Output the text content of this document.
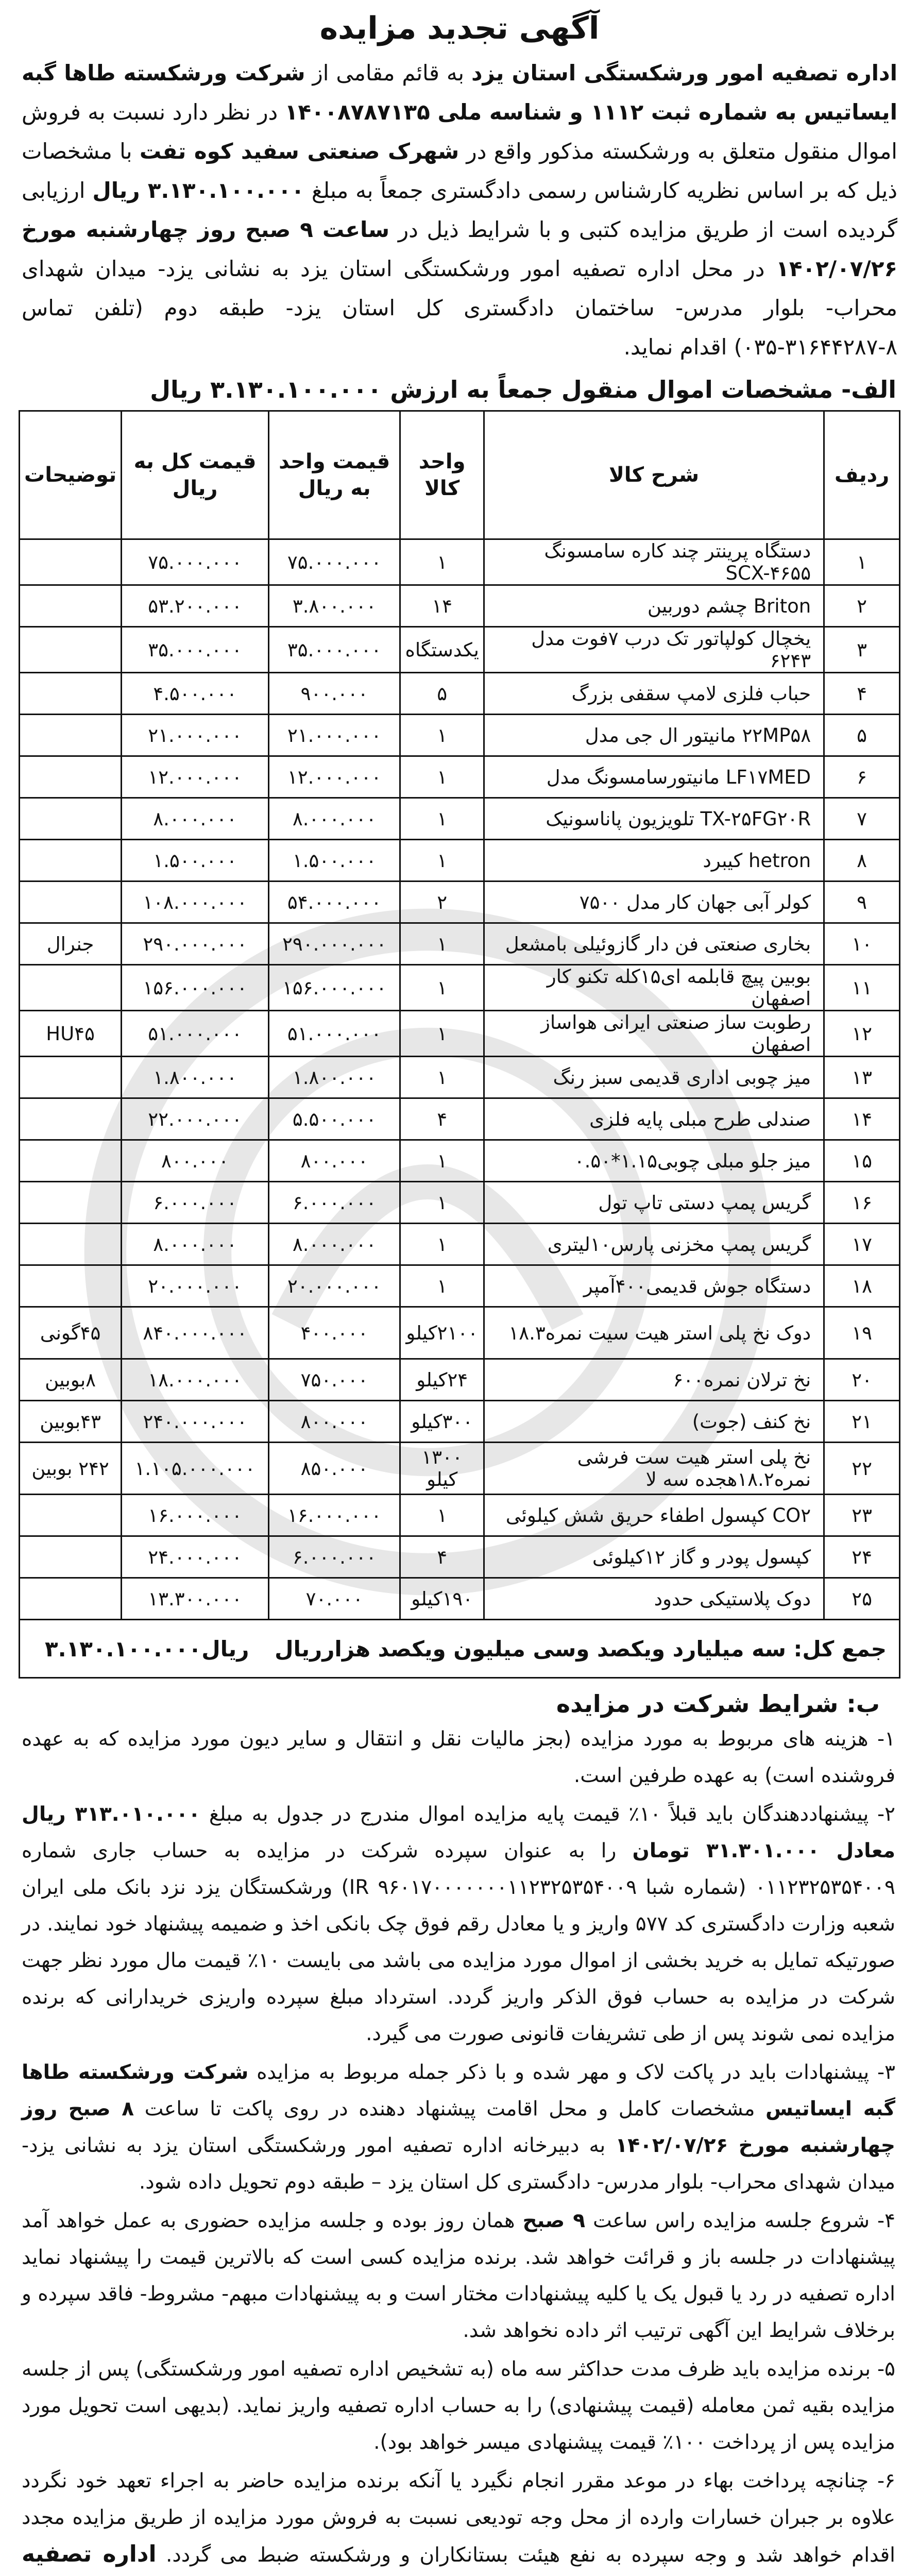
آگهی تجدید مزایده
اداره تصفیه امور ورشکستگی استان یزد به قائم مقامی از شرکت ورشکسته طاها گبه ایساتیس به شماره ثبت ۱۱۱۲ و شناسه ملی ۱۴۰۰۸۷۸۷۱۳۵ در نظر دارد نسبت به فروش اموال منقول متعلق به ورشکسته مذکور واقع در شهرک صنعتی سفید کوه تفت با مشخصات ذیل که بر اساس نظریه کارشناس رسمی دادگستری جمعاً به مبلغ ۳.۱۳۰.۱۰۰.۰۰۰ ریال ارزیابی گردیده است از طریق مزایده کتبی و با شرایط ذیل در ساعت ۹ صبح روز چهارشنبه مورخ ۱۴۰۲/۰۷/۲۶ در محل اداره تصفیه امور ورشکستگی استان یزد به نشانی یزد- میدان شهدای محراب- بلوار مدرس- ساختمان دادگستری کل استان یزد- طبقه دوم (تلفن تماس ۸-۳۱۶۴۴۲۸۷-۰۳۵) اقدام نماید.
الف- مشخصات اموال منقول جمعاً به ارزش ۳.۱۳۰.۱۰۰.۰۰۰ ریال
ردیف	شرح کالا	واحد کالا	قیمت واحد به ریال	قیمت کل به ریال	توضیحات
۱	دستگاه پرینتر چند کاره سامسونگ SCX-۴۶۵۵	۱	۷۵.۰۰۰.۰۰۰	۷۵.۰۰۰.۰۰۰	
۲	Briton چشم دوربین	۱۴	۳.۸۰۰.۰۰۰	۵۳.۲۰۰.۰۰۰	
۳	یخچال کولپاتور تک درب ۷فوت مدل ۶۲۴۳	یکدستگاه	۳۵.۰۰۰.۰۰۰	۳۵.۰۰۰.۰۰۰	
۴	حباب فلزی لامپ سقفی بزرگ	۵	۹۰۰.۰۰۰	۴.۵۰۰.۰۰۰	
۵	۲۲MP۵۸ مانیتور ال جی مدل	۱	۲۱.۰۰۰.۰۰۰	۲۱.۰۰۰.۰۰۰	
۶	LF۱۷MED مانیتورسامسونگ مدل	۱	۱۲.۰۰۰.۰۰۰	۱۲.۰۰۰.۰۰۰	
۷	TX-۲۵FG۲۰R تلویزیون پاناسونیک	۱	۸.۰۰۰.۰۰۰	۸.۰۰۰.۰۰۰	
۸	hetron کیبرد	۱	۱.۵۰۰.۰۰۰	۱.۵۰۰.۰۰۰	
۹	کولر آبی جهان کار مدل ۷۵۰۰	۲	۵۴.۰۰۰.۰۰۰	۱۰۸.۰۰۰.۰۰۰	
۱۰	بخاری صنعتی فن دار گازوئیلی بامشعل	۱	۲۹۰.۰۰۰.۰۰۰	۲۹۰.۰۰۰.۰۰۰	جنرال
۱۱	بوبین پیچ قابلمه ای۱۵کله تکنو کار اصفهان	۱	۱۵۶.۰۰۰.۰۰۰	۱۵۶.۰۰۰.۰۰۰	
۱۲	رطوبت ساز صنعتی ایرانی هواساز اصفهان	۱	۵۱.۰۰۰.۰۰۰	۵۱.۰۰۰.۰۰۰	HU۴۵
۱۳	میز چوبی اداری قدیمی سبز رنگ	۱	۱.۸۰۰.۰۰۰	۱.۸۰۰.۰۰۰	
۱۴	صندلی طرح مبلی پایه فلزی	۴	۵.۵۰۰.۰۰۰	۲۲.۰۰۰.۰۰۰	
۱۵	میز جلو مبلی چوبی۱.۱۵*۰.۵۰	۱	۸۰۰.۰۰۰	۸۰۰.۰۰۰	
۱۶	گریس پمپ دستی تاپ تول	۱	۶.۰۰۰.۰۰۰	۶.۰۰۰.۰۰۰	
۱۷	گریس پمپ مخزنی پارس۱۰لیتری	۱	۸.۰۰۰.۰۰۰	۸.۰۰۰.۰۰۰	
۱۸	دستگاه جوش قدیمی۴۰۰آمپر	۱	۲۰.۰۰۰.۰۰۰	۲۰.۰۰۰.۰۰۰	
۱۹	دوک نخ پلی استر هیت سیت نمره۱۸.۳	۲۱۰۰کیلو	۴۰۰.۰۰۰	۸۴۰.۰۰۰.۰۰۰	۴۵گونی
۲۰	نخ ترلان نمره۶۰۰	۲۴کیلو	۷۵۰.۰۰۰	۱۸.۰۰۰.۰۰۰	۸بوبین
۲۱	نخ کنف (جوت)	۳۰۰کیلو	۸۰۰.۰۰۰	۲۴۰.۰۰۰.۰۰۰	۴۳بوبین
۲۲	نخ پلی استر هیت ست فرشی نمره۱۸.۲هجده سه لا	۱۳۰۰ کیلو	۸۵۰.۰۰۰	۱.۱۰۵.۰۰۰.۰۰۰	۲۴۲ بوبین
۲۳	CO۲ کپسول اطفاء حریق شش کیلوئی	۱	۱۶.۰۰۰.۰۰۰	۱۶.۰۰۰.۰۰۰	
۲۴	کپسول پودر و گاز ۱۲کیلوئی	۴	۶.۰۰۰.۰۰۰	۲۴.۰۰۰.۰۰۰	
۲۵	دوک پلاستیکی حدود	۱۹۰کیلو	۷۰.۰۰۰	۱۳.۳۰۰.۰۰۰	
جمع کل: سه میلیارد ویکصد وسی میلیون ویکصد هزارریال
۳.۱۳۰.۱۰۰.۰۰۰ریال					
ب: شرایط شرکت در مزایده

۱- هزینه های مربوط به مورد مزایده (بجز مالیات نقل و انتقال و سایر دیون مورد مزایده که به عهده فروشنده است) به عهده طرفین است.

۲- پیشنهاددهندگان باید قبلاً ۱۰٪ قیمت پایه مزایده اموال مندرج در جدول به مبلغ ۳۱۳.۰۱۰.۰۰۰ ریال معادل ۳۱.۳۰۱.۰۰۰ تومان را به عنوان سپرده شرکت در مزایده به حساب جاری شماره ۰۱۱۲۳۲۵۳۵۴۰۰۹ (شماره شبا IR ۹۶۰۱۷۰۰۰۰۰۰۰۱۱۲۳۲۵۳۵۴۰۰۹) ورشکستگان یزد نزد بانک ملی ایران شعبه وزارت دادگستری کد ۵۷۷ واریز و یا معادل رقم فوق چک بانکی اخذ و ضمیمه پیشنهاد خود نمایند. در صورتیکه تمایل به خرید بخشی از اموال مورد مزایده می باشد می بایست ۱۰٪ قیمت مال مورد نظر جهت شرکت در مزایده به حساب فوق الذکر واریز گردد. استرداد مبلغ سپرده واریزی خریدارانی که برنده مزایده نمی شوند پس از طی تشریفات قانونی صورت می گیرد.

۳- پیشنهادات باید در پاکت لاک و مهر شده و با ذکر جمله مربوط به مزایده شرکت ورشکسته طاها گبه ایساتیس مشخصات کامل و محل اقامت پیشنهاد دهنده در روی پاکت تا ساعت ۸ صبح روز چهارشنبه مورخ ۱۴۰۲/۰۷/۲۶ به دبیرخانه اداره تصفیه امور ورشکستگی استان یزد به نشانی یزد- میدان شهدای محراب- بلوار مدرس- دادگستری کل استان یزد – طبقه دوم تحویل داده شود.

۴- شروع جلسه مزایده راس ساعت ۹ صبح همان روز بوده و جلسه مزایده حضوری به عمل خواهد آمد پیشنهادات در جلسه باز و قرائت خواهد شد. برنده مزایده کسی است که بالاترین قیمت را پیشنهاد نماید اداره تصفیه در رد یا قبول یک یا کلیه پیشنهادات مختار است و به پیشنهادات مبهم- مشروط- فاقد سپرده و برخلاف شرایط این آگهی ترتیب اثر داده نخواهد شد.

۵- برنده مزایده باید ظرف مدت حداکثر سه ماه (به تشخیص اداره تصفیه امور ورشکستگی) پس از جلسه مزایده بقیه ثمن معامله (قیمت پیشنهادی) را به حساب اداره تصفیه واریز نماید. (بدیهی است تحویل مورد مزایده پس از پرداخت ۱۰۰٪ قیمت پیشنهادی میسر خواهد بود).

۶- چنانچه پرداخت بهاء در موعد مقرر انجام نگیرد یا آنکه برنده مزایده حاضر به اجراء تعهد خود نگردد علاوه بر جبران خسارات وارده از محل وجه تودیعی نسبت به فروش مورد مزایده از طریق مزایده مجدد اقدام خواهد شد و وجه سپرده به نفع هیئت بستانکاران و ورشکسته ضبط می گردد. اداره تصفیه
